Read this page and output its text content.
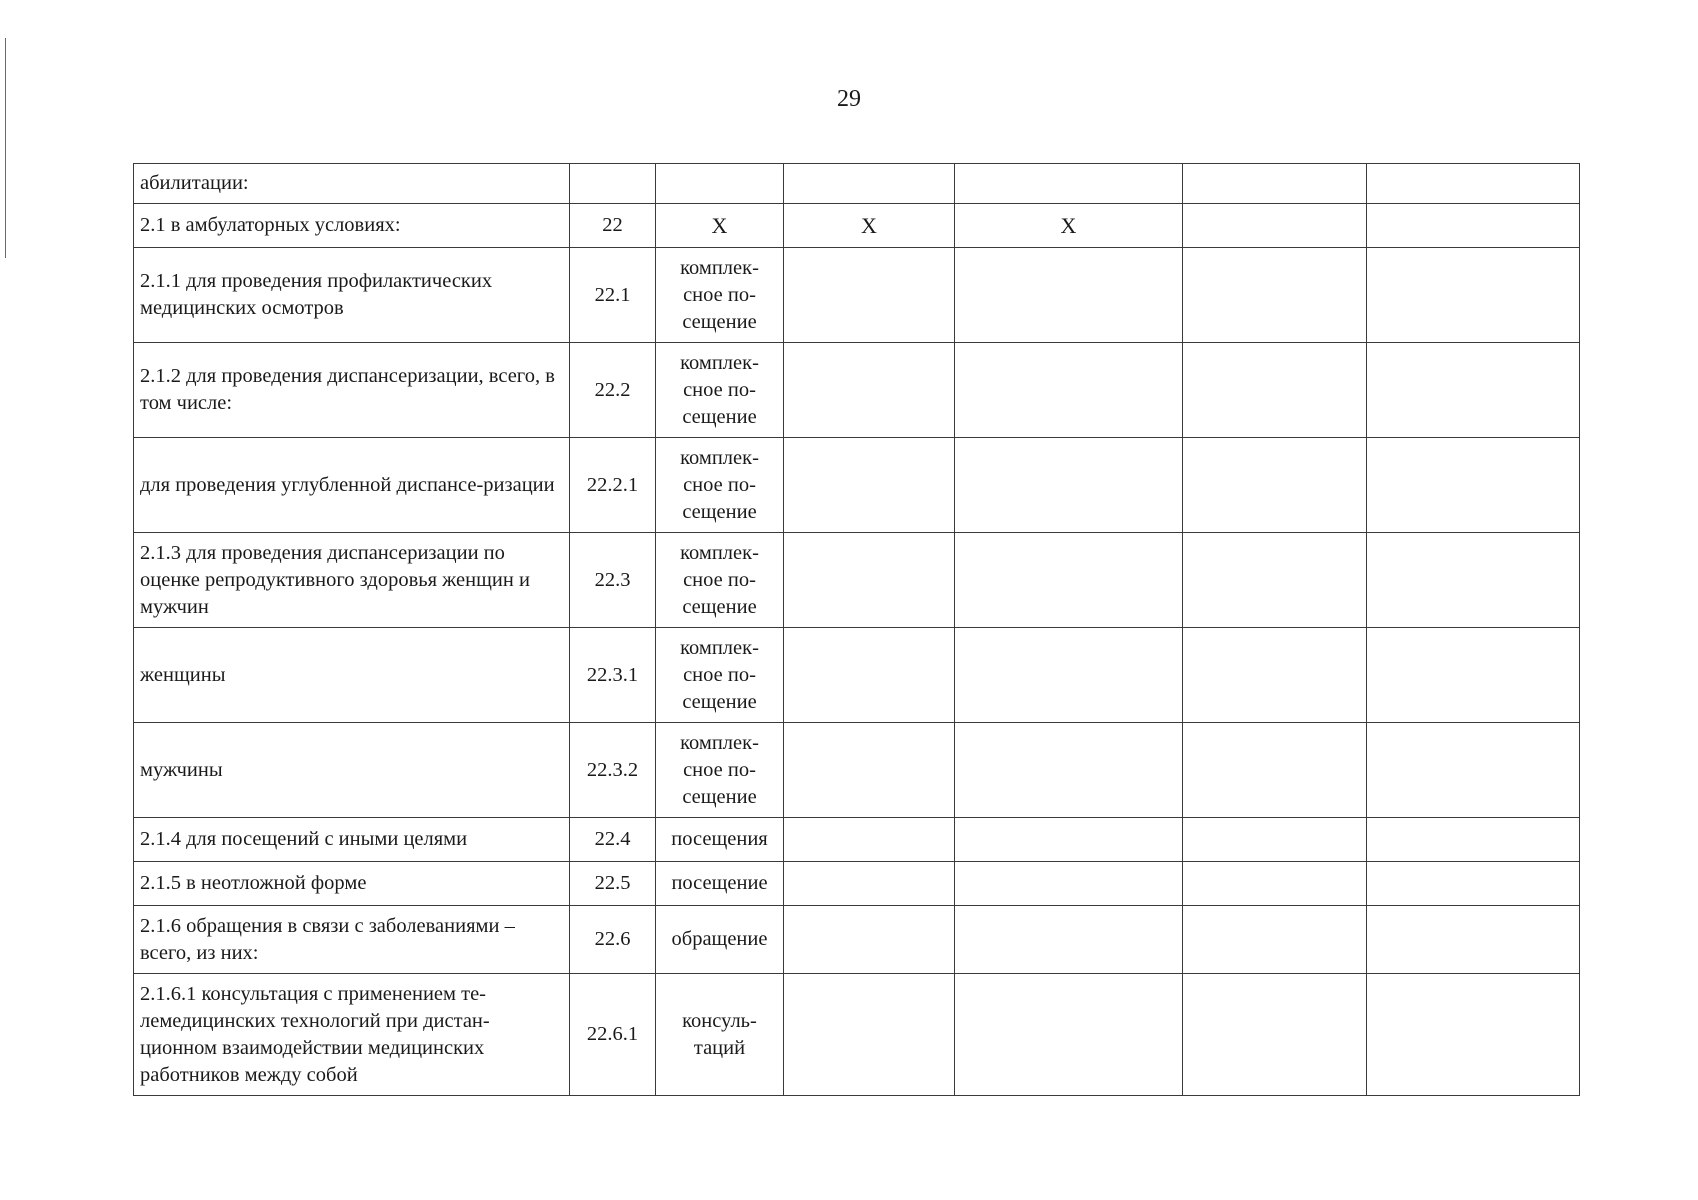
29
абилитации:						
2.1 в амбулаторных условиях:	22	X	X	X		
2.1.1 для проведения профилактических медицинских осмотров	22.1	комплек-сное по-сещение				
2.1.2 для проведения диспансеризации, всего, в том числе:	22.2	комплек-сное по-сещение				
для проведения углубленной диспансе-ризации	22.2.1	комплек-сное по-сещение				
2.1.3 для проведения диспансеризации по оценке репродуктивного здоровья женщин и мужчин	22.3	комплек-сное по-сещение				
женщины	22.3.1	комплек-сное по-сещение				
мужчины	22.3.2	комплек-сное по-сещение				
2.1.4 для посещений с иными целями	22.4	посещения				
2.1.5 в неотложной форме	22.5	посещение				
2.1.6 обращения в связи с заболеваниями – всего, из них:	22.6	обращение				
2.1.6.1 консультация с применением те-лемедицинских технологий при дистан-ционном взаимодействии медицинских работников между собой	22.6.1	консуль-таций				
